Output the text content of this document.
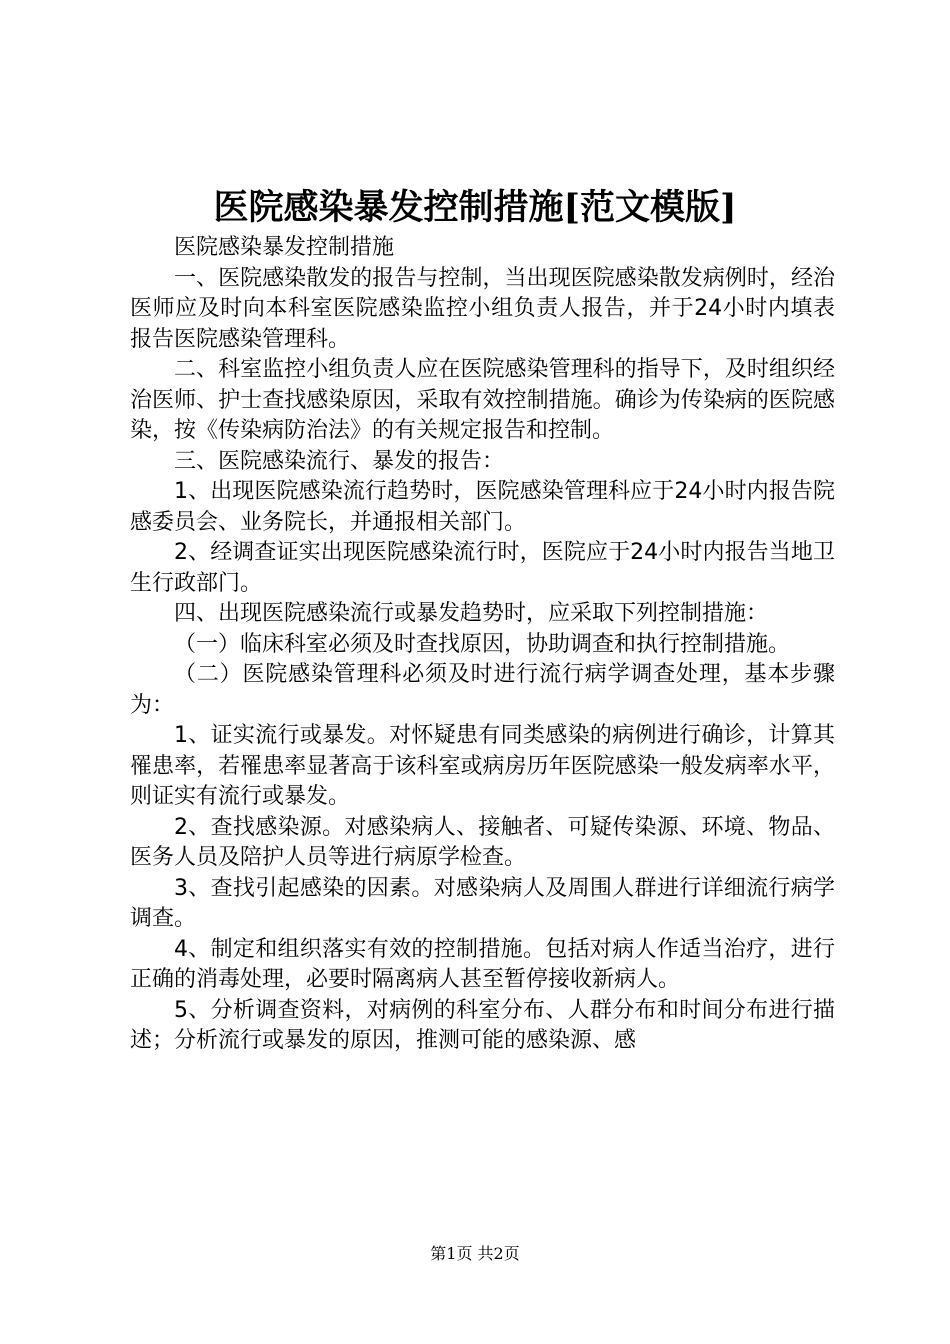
医院感染暴发控制措施[范文模版]

医院感染暴发控制措施

一、医院感染散发的报告与控制，当出现医院感染散发病例时，经治医师应及时向本科室医院感染监控小组负责人报告，并于24小时内填表报告医院感染管理科。

二、科室监控小组负责人应在医院感染管理科的指导下，及时组织经治医师、护士查找感染原因，采取有效控制措施。确诊为传染病的医院感染，按《传染病防治法》的有关规定报告和控制。

三、医院感染流行、暴发的报告：

1、出现医院感染流行趋势时，医院感染管理科应于24小时内报告院感委员会、业务院长，并通报相关部门。

2、经调查证实出现医院感染流行时，医院应于24小时内报告当地卫生行政部门。

四、出现医院感染流行或暴发趋势时，应采取下列控制措施：

（一）临床科室必须及时查找原因，协助调查和执行控制措施。

（二）医院感染管理科必须及时进行流行病学调查处理，基本步骤为：

1、证实流行或暴发。对怀疑患有同类感染的病例进行确诊，计算其罹患率，若罹患率显著高于该科室或病房历年医院感染一般发病率水平，则证实有流行或暴发。

2、查找感染源。对感染病人、接触者、可疑传染源、环境、物品、医务人员及陪护人员等进行病原学检查。

3、查找引起感染的因素。对感染病人及周围人群进行详细流行病学调查。

4、制定和组织落实有效的控制措施。包括对病人作适当治疗，进行正确的消毒处理，必要时隔离病人甚至暂停接收新病人。

5、分析调查资料，对病例的科室分布、人群分布和时间分布进行描述；分析流行或暴发的原因，推测可能的感染源、感

第1页 共2页
